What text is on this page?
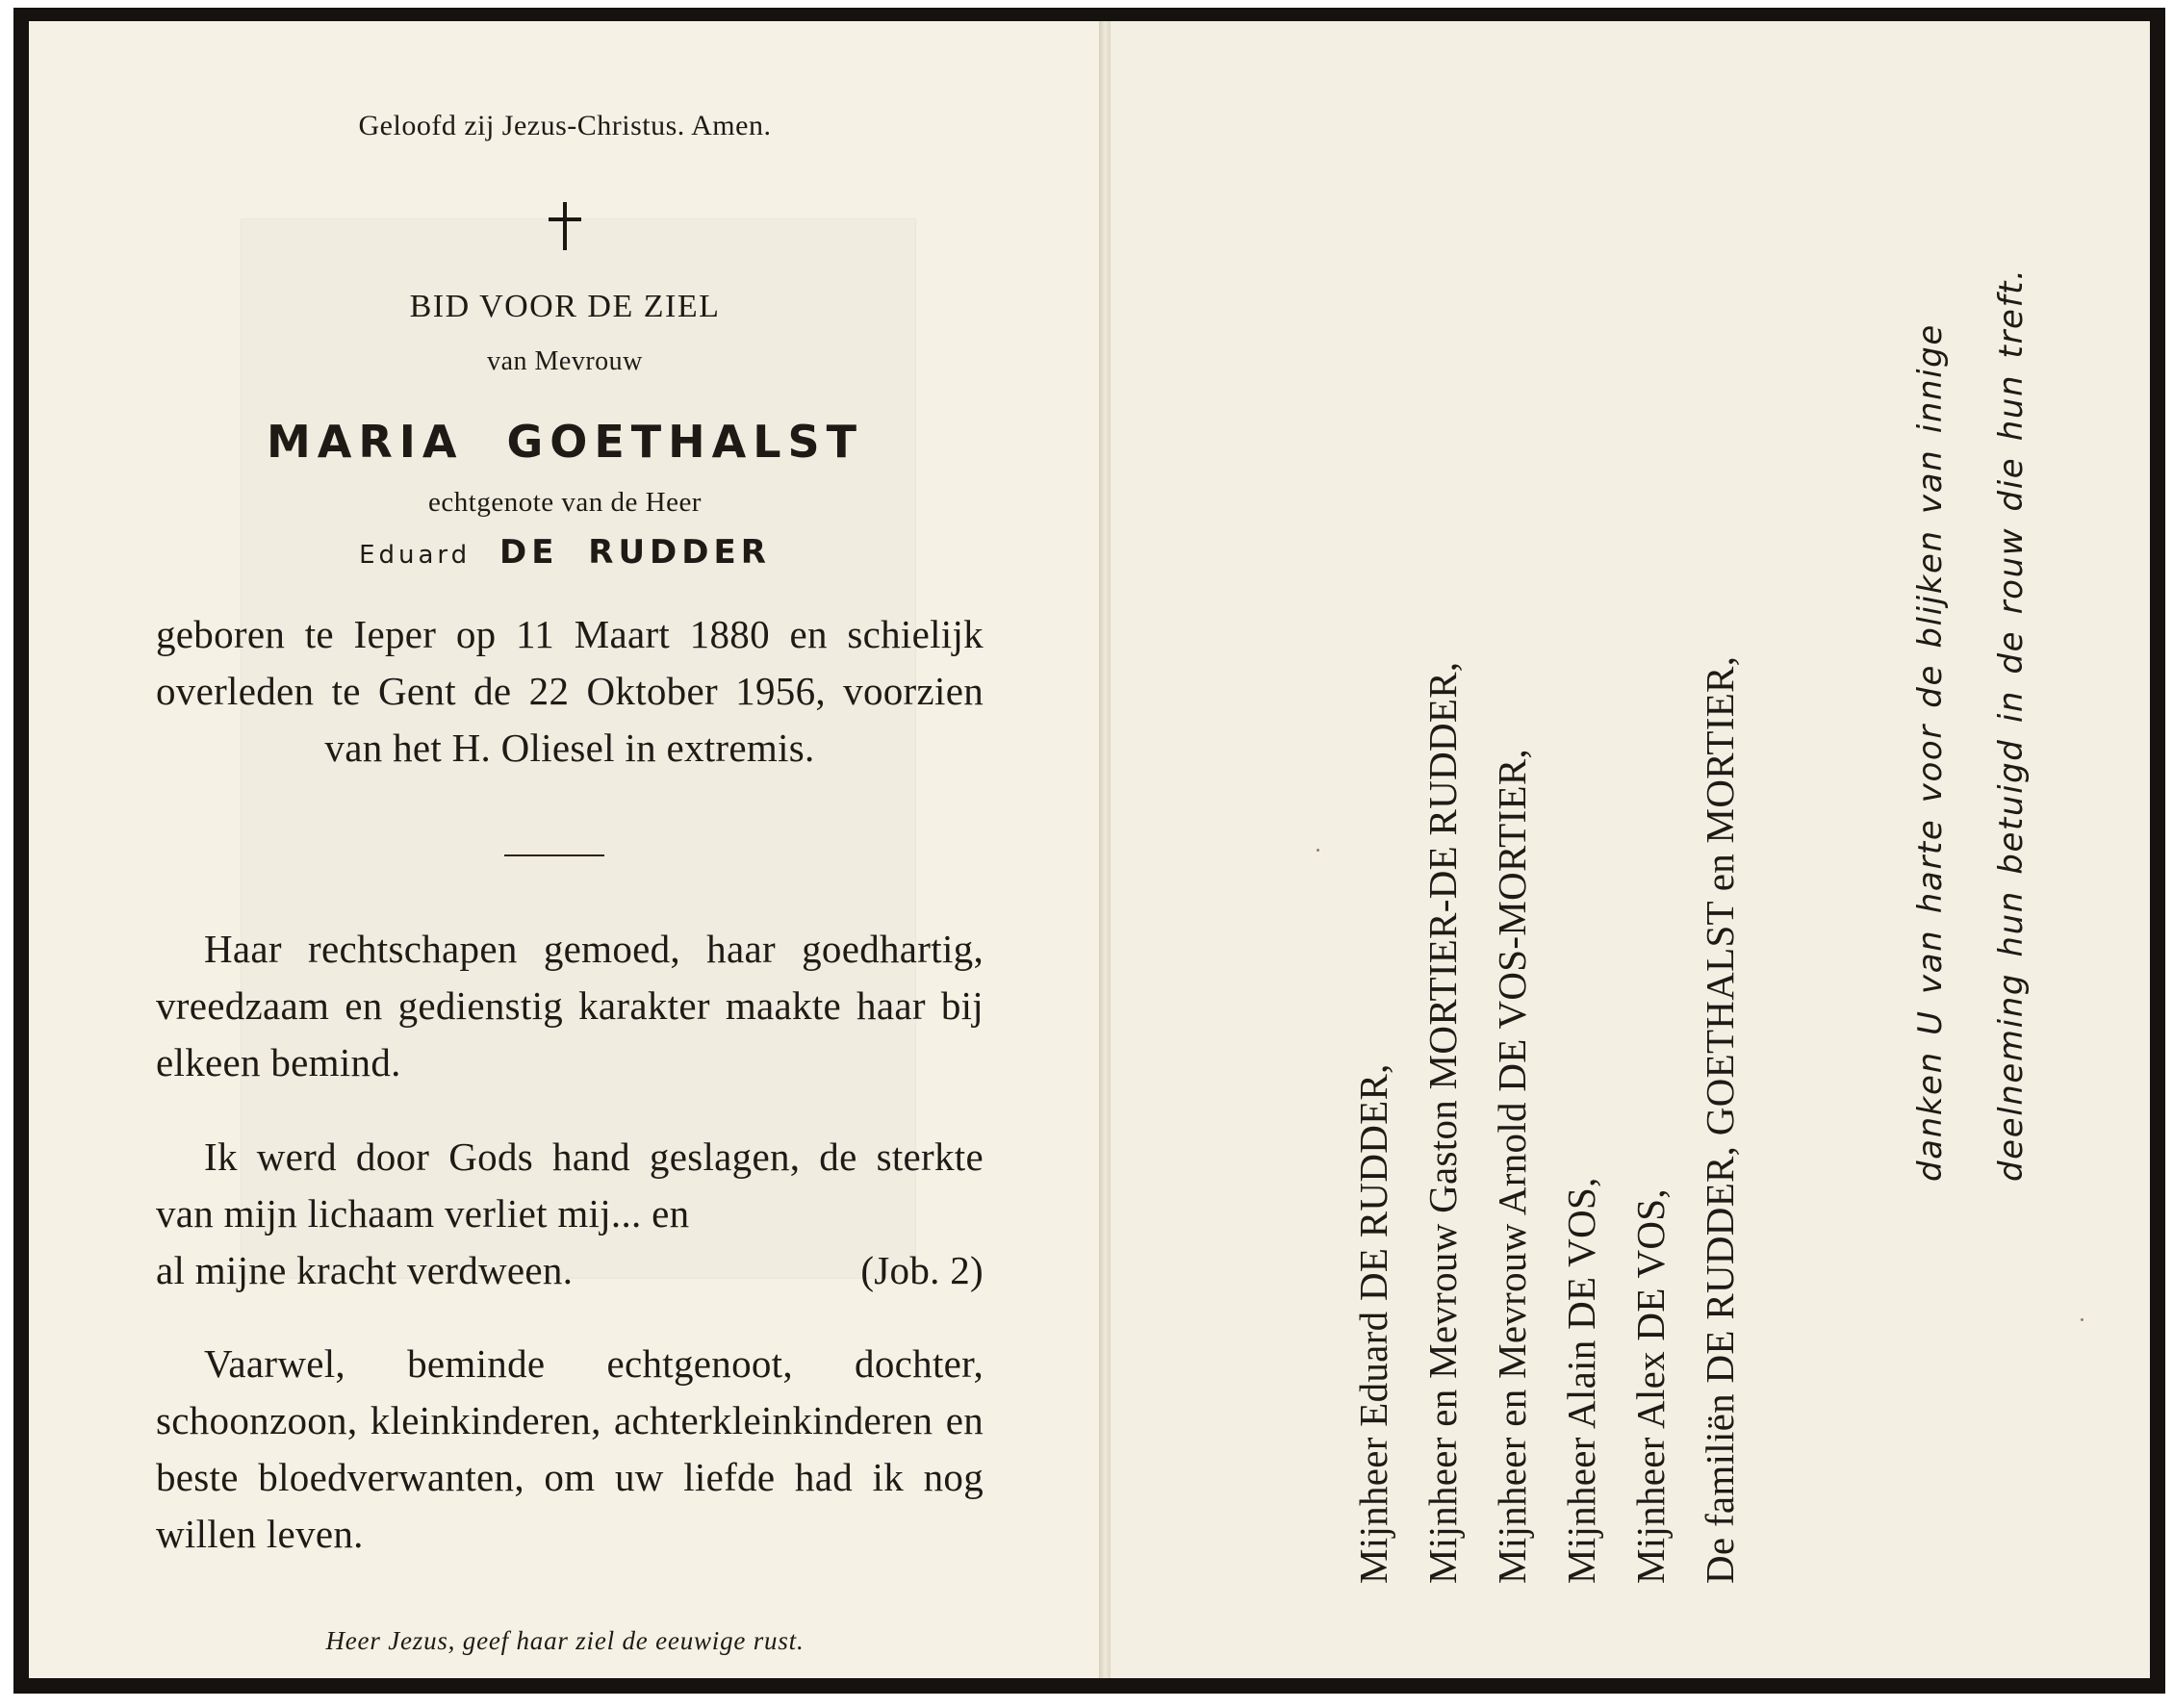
Geloofd zij Jezus-Christus. Amen.
BID VOOR DE ZIEL
van Mevrouw
MARIA GOETHALST
echtgenote van de Heer
Eduard DE RUDDER
geboren te Ieper op 11 Maart 1880 en schielijk overleden te Gent de 22 Oktober 1956, voorzien van het H. Oliesel in extremis.
Haar rechtschapen gemoed, haar goedhartig, vreedzaam en gedienstig karakter maakte haar bij elkeen bemind.

Ik werd door Gods hand geslagen, de sterkte van mijn lichaam verliet mij... en

al mijne kracht verdween.	(Job. 2)
Vaarwel, beminde echtgenoot, dochter, schoonzoon, kleinkinderen, achterkleinkinderen en beste bloedverwanten, om uw liefde had ik nog willen leven.
Heer Jezus, geef haar ziel de eeuwige rust.
Mijnheer Eduard DE RUDDER, Mijnheer en Mevrouw Gaston MORTIER-DE RUDDER, Mijnheer en Mevrouw Arnold DE VOS-MORTIER, Mijnheer Alain DE VOS, Mijnheer Alex DE VOS, De familiën DE RUDDER, GOETHALST en MORTIER,	danken U van harte voor de blijken van innige	deelneming hun betuigd in de rouw die hun treft.
